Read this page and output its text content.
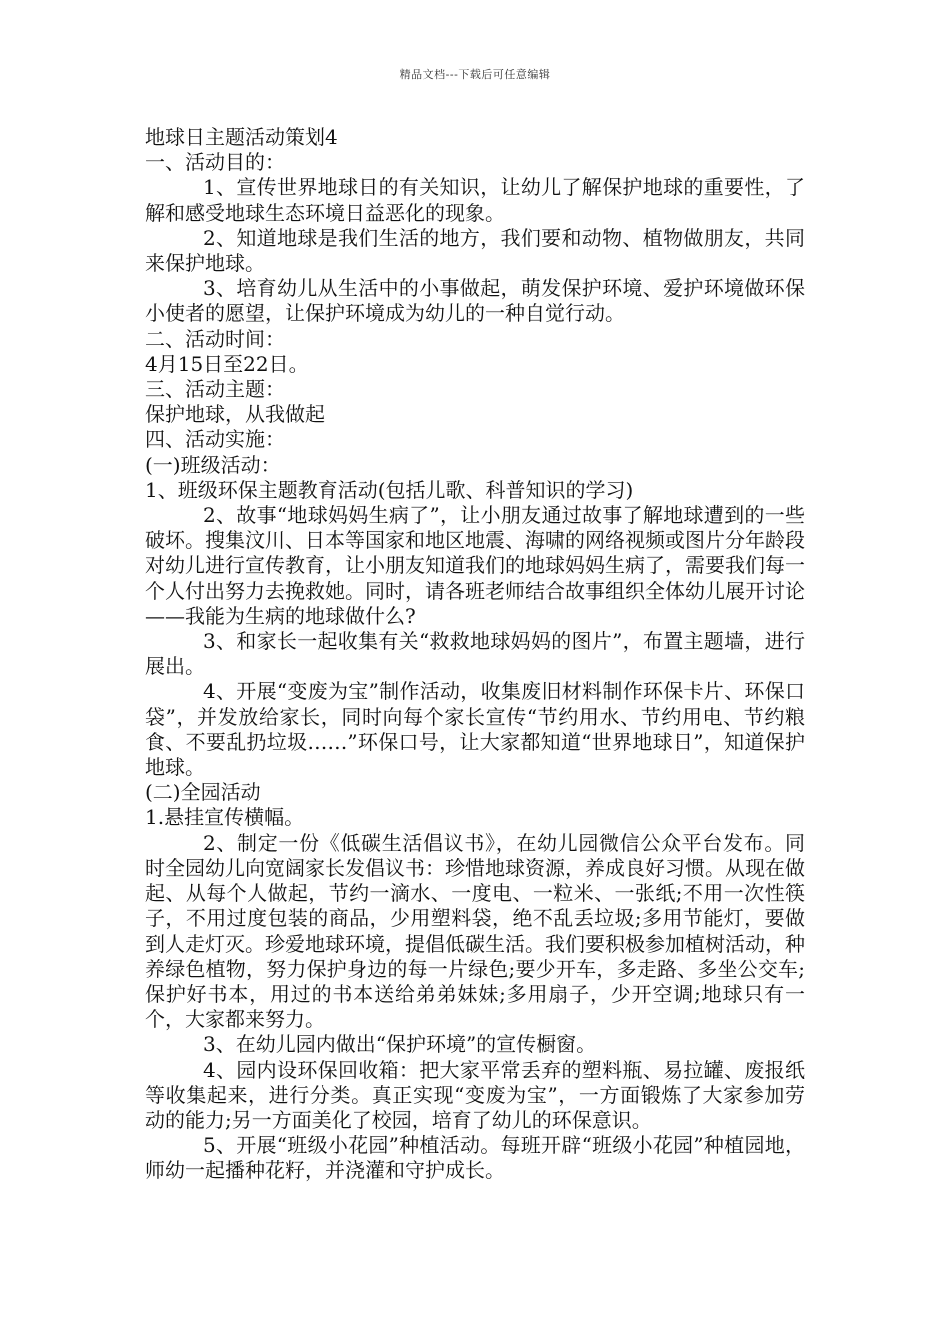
精品文档---下载后可任意编辑

地球日主题活动策划4

一、活动目的：

1、宣传世界地球日的有关知识，让幼儿了解保护地球的重要性，了解和感受地球生态环境日益恶化的现象。

2、知道地球是我们生活的地方，我们要和动物、植物做朋友，共同来保护地球。

3、培育幼儿从生活中的小事做起，萌发保护环境、爱护环境做环保小使者的愿望，让保护环境成为幼儿的一种自觉行动。

二、活动时间：

4月15日至22日。

三、活动主题：

保护地球，从我做起

四、活动实施：

(一)班级活动：

1、班级环保主题教育活动(包括儿歌、科普知识的学习)

2、故事“地球妈妈生病了”，让小朋友通过故事了解地球遭到的一些破坏。搜集汶川、日本等国家和地区地震、海啸的网络视频或图片分年龄段对幼儿进行宣传教育，让小朋友知道我们的地球妈妈生病了，需要我们每一个人付出努力去挽救她。同时，请各班老师结合故事组织全体幼儿展开讨论——我能为生病的地球做什么?

3、和家长一起收集有关“救救地球妈妈的图片”，布置主题墙，进行展出。

4、开展“变废为宝”制作活动，收集废旧材料制作环保卡片、环保口袋”，并发放给家长，同时向每个家长宣传“节约用水、节约用电、节约粮食、不要乱扔垃圾……”环保口号，让大家都知道“世界地球日”，知道保护地球。

(二)全园活动

1.悬挂宣传横幅。

2、制定一份《低碳生活倡议书》，在幼儿园微信公众平台发布。同时全园幼儿向宽阔家长发倡议书：珍惜地球资源，养成良好习惯。从现在做起、从每个人做起，节约一滴水、一度电、一粒米、一张纸;不用一次性筷子，不用过度包装的商品，少用塑料袋，绝不乱丢垃圾;多用节能灯，要做到人走灯灭。珍爱地球环境，提倡低碳生活。我们要积极参加植树活动，种养绿色植物，努力保护身边的每一片绿色;要少开车，多走路、多坐公交车;保护好书本，用过的书本送给弟弟妹妹;多用扇子，少开空调;地球只有一个，大家都来努力。

3、在幼儿园内做出“保护环境”的宣传橱窗。

4、园内设环保回收箱：把大家平常丢弃的塑料瓶、易拉罐、废报纸等收集起来，进行分类。真正实现“变废为宝”，一方面锻炼了大家参加劳动的能力;另一方面美化了校园，培育了幼儿的环保意识。

5、开展“班级小花园”种植活动。每班开辟“班级小花园”种植园地，师幼一起播种花籽，并浇灌和守护成长。
